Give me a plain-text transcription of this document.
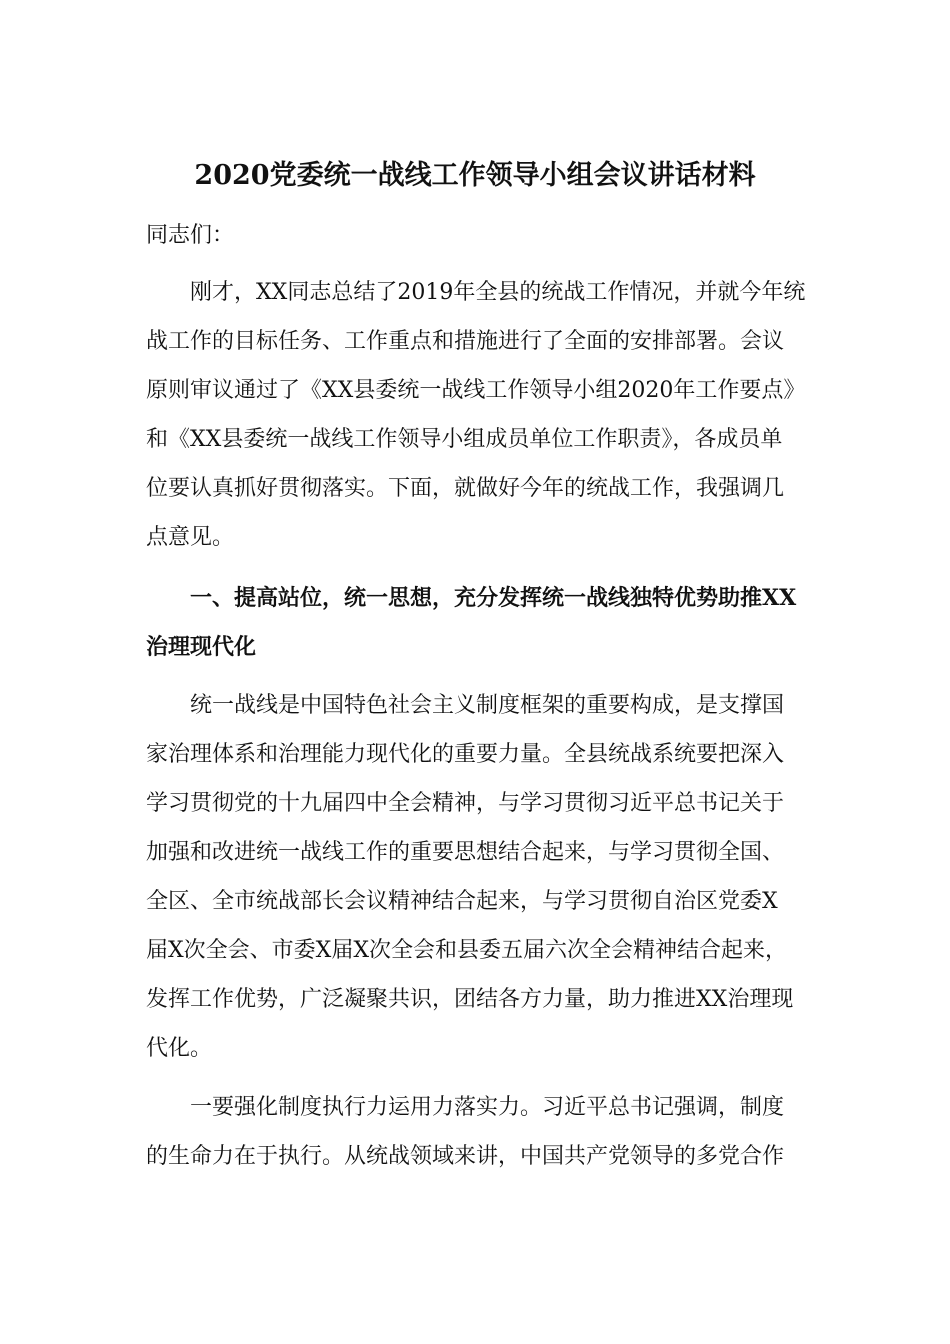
2020党委统一战线工作领导小组会议讲话材料
同志们：
刚才，XX同志总结了2019年全县的统战工作情况，并就今年统
战工作的目标任务、工作重点和措施进行了全面的安排部署。会议
原则审议通过了《XX县委统一战线工作领导小组2020年工作要点》
和《XX县委统一战线工作领导小组成员单位工作职责》，各成员单
位要认真抓好贯彻落实。下面，就做好今年的统战工作，我强调几
点意见。
一、提高站位，统一思想，充分发挥统一战线独特优势助推XX
治理现代化
统一战线是中国特色社会主义制度框架的重要构成，是支撑国
家治理体系和治理能力现代化的重要力量。全县统战系统要把深入
学习贯彻党的十九届四中全会精神，与学习贯彻习近平总书记关于
加强和改进统一战线工作的重要思想结合起来，与学习贯彻全国、
全区、全市统战部长会议精神结合起来，与学习贯彻自治区党委X
届X次全会、市委X届X次全会和县委五届六次全会精神结合起来，
发挥工作优势，广泛凝聚共识，团结各方力量，助力推进XX治理现
代化。
一要强化制度执行力运用力落实力。习近平总书记强调，制度
的生命力在于执行。从统战领域来讲，中国共产党领导的多党合作
